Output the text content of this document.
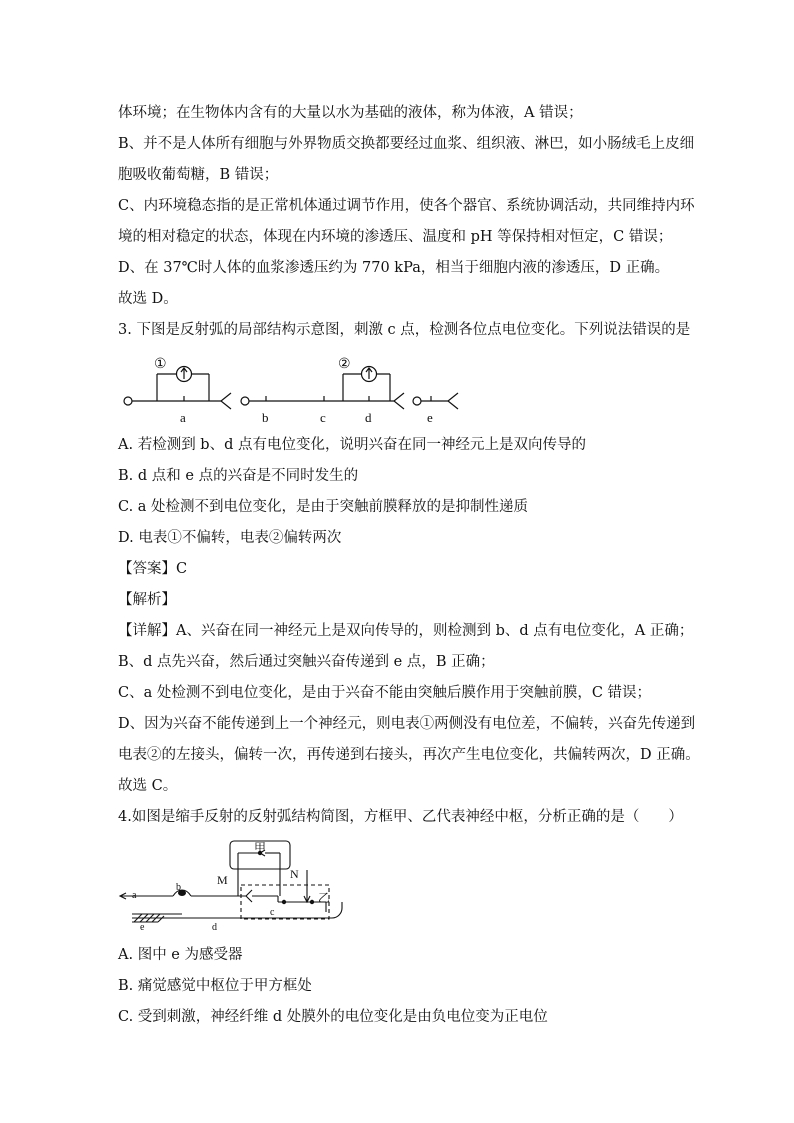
体环境；在生物体内含有的大量以水为基础的液体，称为体液，A 错误；
B、并不是人体所有细胞与外界物质交换都要经过血浆、组织液、淋巴，如小肠绒毛上皮细
胞吸收葡萄糖，B 错误；
C、内环境稳态指的是正常机体通过调节作用，使各个器官、系统协调活动，共同维持内环
境的相对稳定的状态，体现在内环境的渗透压、温度和 pH 等保持相对恒定，C 错误；
D、在 37℃时人体的血浆渗透压约为 770 kPa，相当于细胞内液的渗透压，D 正确。
故选 D。
3. 下图是反射弧的局部结构示意图，刺激 c 点，检测各位点电位变化。下列说法错误的是
①	②
a	b	c	d	e
A. 若检测到 b、d 点有电位变化，说明兴奋在同一神经元上是双向传导的
B. d 点和 e 点的兴奋是不同时发生的
C. a 处检测不到电位变化，是由于突触前膜释放的是抑制性递质
D. 电表①不偏转，电表②偏转两次
【答案】C
【解析】
【详解】A、兴奋在同一神经元上是双向传导的，则检测到 b、d 点有电位变化，A 正确；
B、d 点先兴奋，然后通过突触兴奋传递到 e 点，B 正确；
C、a 处检测不到电位变化，是由于兴奋不能由突触后膜作用于突触前膜，C 错误；
D、因为兴奋不能传递到上一个神经元，则电表①两侧没有电位差，不偏转，兴奋先传递到
电表②的左接头，偏转一次，再传递到右接头，再次产生电位变化，共偏转两次，D 正确。
故选 C。
4.如图是缩手反射的反射弧结构简图，方框甲、乙代表神经中枢，分析正确的是（　　）
甲
乙
a
b
c
d
e
M	N
A. 图中 e 为感受器
B. 痛觉感觉中枢位于甲方框处
C. 受到刺激，神经纤维 d 处膜外的电位变化是由负电位变为正电位
